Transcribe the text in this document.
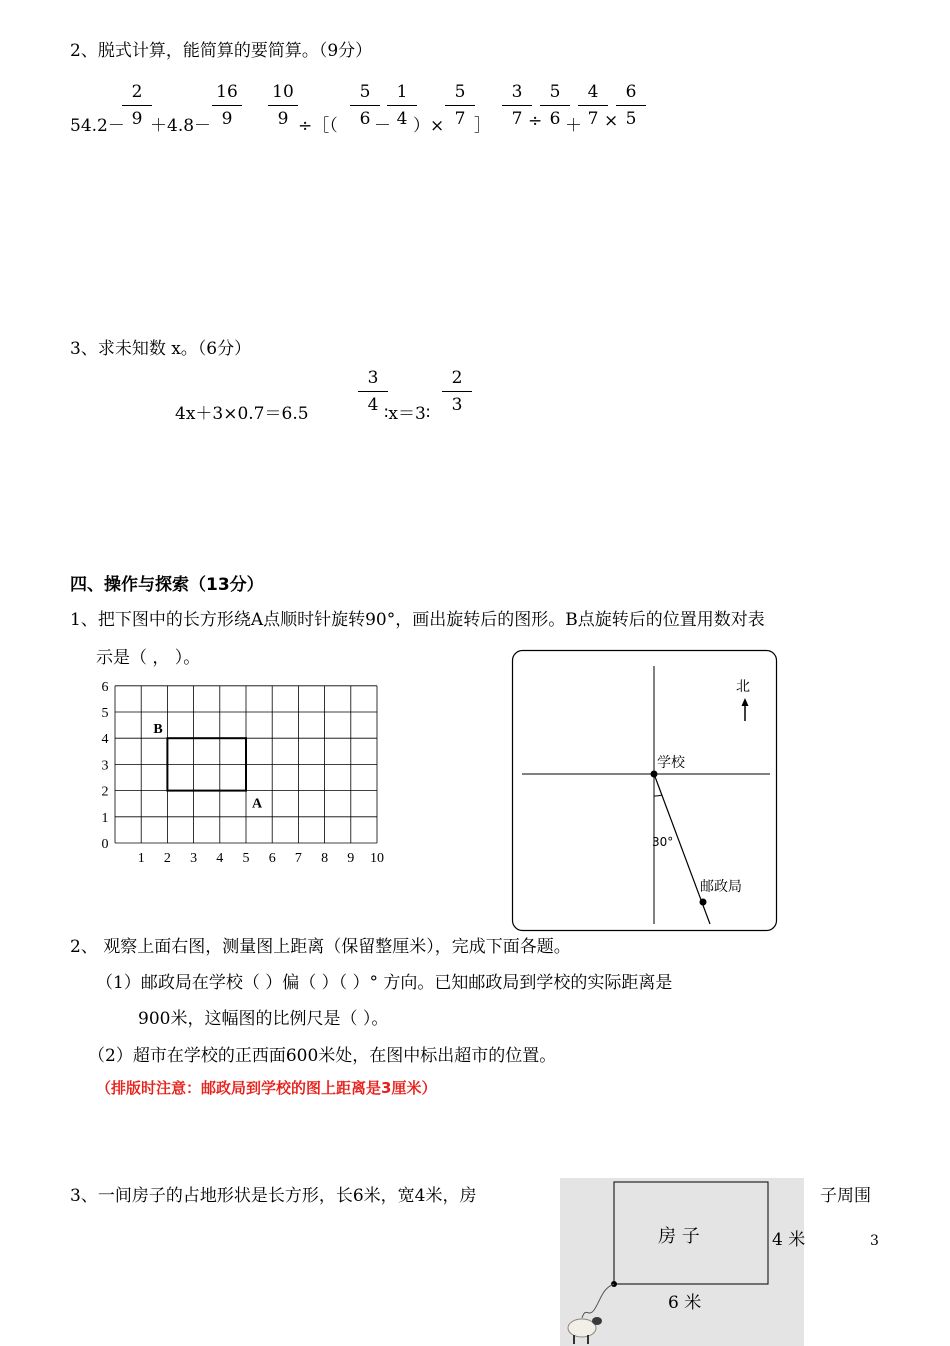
2、脱式计算，能简算的要简算。（9分）
54.2－
$\frac{2}{9}$
$+4.8- \frac{16}{9} \frac{10}{9}$ ÷［（ $\frac{5}{6}$
－
$\frac{1}{4}$
）× $\frac{5}{7}$ ］ $\frac{3}{7}$
÷
$\frac{5}{6}$
＋
$\frac{4}{7}$
×
$\frac{6}{5}$
3、求未知数 x。（6分）
4x＋3×0.7＝6.5	$\frac{3}{4}$
∶x＝3∶ $\frac{2}{3}$
四、操作与探索（13分）
1、把下图中的长方形绕A点顺时针旋转90°，画出旋转后的图形。B点旋转后的位置用数对表
示是（ ， ）。
1 2 3 4 5 6 7 8 9 10
0
1
2
3
4
5
6
A
B
北
学校
30°
邮政局
2、 观察上面右图，测量图上距离（保留整厘米），完成下面各题。
（1）邮政局在学校（ ）偏（ ）（ ）° 方向。已知邮政局到学校的实际距离是
900米，这幅图的比例尺是（ ）。
（2）超市在学校的正西面600米处，在图中标出超市的位置。
（排版时注意：邮政局到学校的图上距离是3厘米）
3、一间房子的占地形状是长方形，长6米，宽4米，房	子周围
房 子	4 米
6 米
3
